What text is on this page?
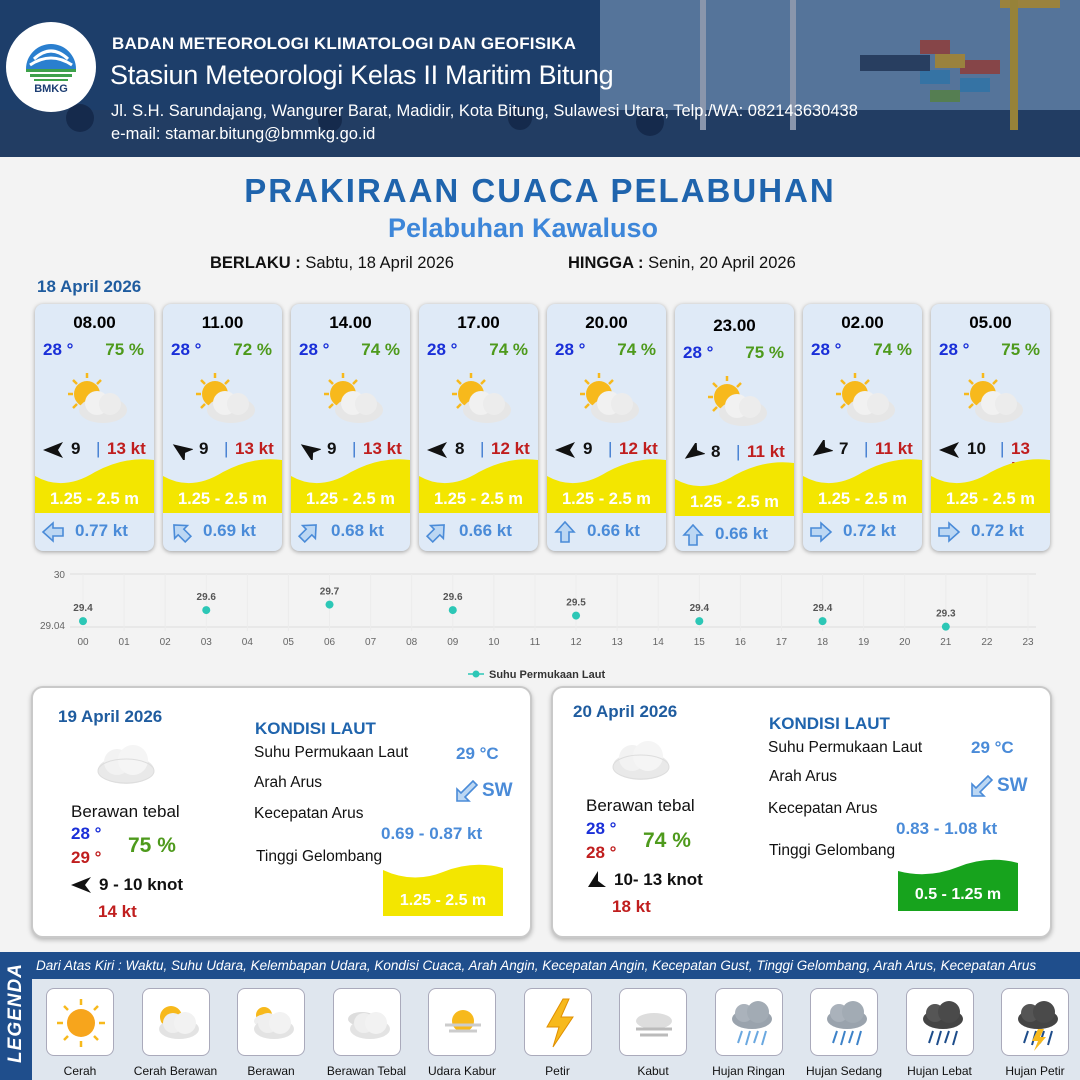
BMKG
BADAN METEOROLOGI KLIMATOLOGI DAN GEOFISIKA
Stasiun Meteorologi Kelas II Maritim Bitung
Jl. S.H. Sarundajang, Wangurer Barat, Madidir, Kota Bitung, Sulawesi Utara, Telp./WA: 082143630438
e-mail: stamar.bitung@bmmkg.go.id
PRAKIRAAN CUACA PELABUHAN
Pelabuhan Kawaluso
BERLAKU : Sabtu, 18 April 2026	HINGGA : Senin, 20 April 2026
18 April 2026
08.00
28 ° 75 %
9 | 13 kt
1.25 - 2.5 m
0.77 kt
11.00
28 ° 72 %
9 | 13 kt
1.25 - 2.5 m
0.69 kt
14.00
28 ° 74 %
9 | 13 kt
1.25 - 2.5 m
0.68 kt
17.00
28 ° 74 %
8 | 12 kt
1.25 - 2.5 m
0.66 kt
20.00
28 ° 74 %
9 | 12 kt
1.25 - 2.5 m
0.66 kt
23.00
28 ° 75 %
8 | 11 kt
1.25 - 2.5 m
0.66 kt
02.00
28 ° 74 %
7 | 11 kt
1.25 - 2.5 m
0.72 kt
05.00
28 ° 75 %
10 | 13
1.25 - 2.5 m
0.72 kt
00	01	02	03	04	05	06	07	08	09	10	11	12	13	14	15	16	17	18	19	20	21	22	23
30
29.04
29.4
29.6
29.7
29.6
29.5
29.4	29.4
29.3
Suhu Permukaan Laut
19 April 2026
Berawan tebal
28 °
29 °
75 %
9 - 10 knot
14 kt
KONDISI LAUT
Suhu Permukaan Laut	29 °C
Arah Arus	SW
Kecepatan Arus
0.69 - 0.87 kt
Tinggi Gelombang
1.25 - 2.5 m
20 April 2026
Berawan tebal
28 °
28 °
74 %
10- 13 knot
18 kt
KONDISI LAUT
Suhu Permukaan Laut	29 °C
Arah Arus	SW
Kecepatan Arus
0.83 - 1.08 kt
Tinggi Gelombang
0.5 - 1.25 m
LEGENDA Dari Atas Kiri : Waktu, Suhu Udara, Kelembapan Udara, Kondisi Cuaca, Arah Angin, Kecepatan Angin, Kecepatan Gust, Tinggi Gelombang, Arah Arus, Kecepatan Arus
Cerah	Cerah Berawan	Berawan	Berawan Tebal	Udara Kabur	Petir	Kabut	Hujan Ringan	Hujan Sedang	Hujan Lebat	Hujan Petir
